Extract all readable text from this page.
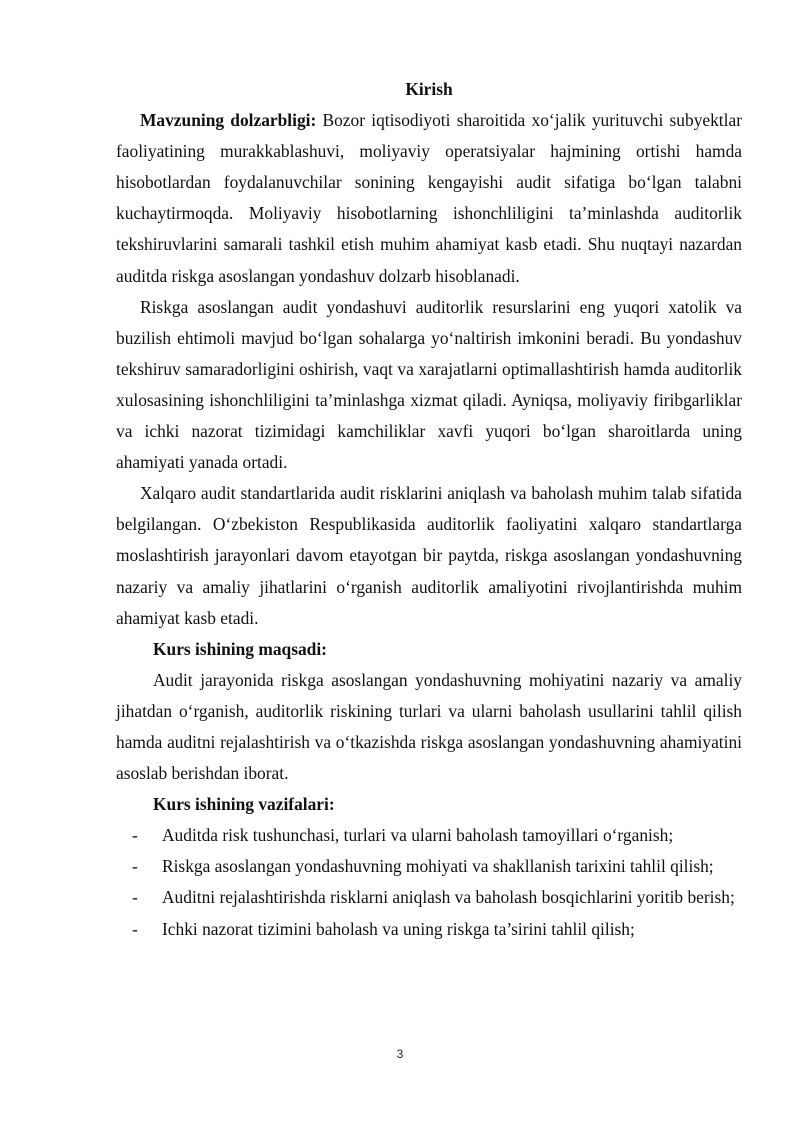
Kirish

Mavzuning dolzarbligi: Bozor iqtisodiyoti sharoitida xo‘jalik yurituvchi subyektlar faoliyatining murakkablashuvi, moliyaviy operatsiyalar hajmining ortishi hamda hisobotlardan foydalanuvchilar sonining kengayishi audit sifatiga bo‘lgan talabni kuchaytirmoqda. Moliyaviy hisobotlarning ishonchliligini ta’minlashda auditorlik tekshiruvlarini samarali tashkil etish muhim ahamiyat kasb etadi. Shu nuqtayi nazardan auditda riskga asoslangan yondashuv dolzarb hisoblanadi.

Riskga asoslangan audit yondashuvi auditorlik resurslarini eng yuqori xatolik va buzilish ehtimoli mavjud bo‘lgan sohalarga yo‘naltirish imkonini beradi. Bu yondashuv tekshiruv samaradorligini oshirish, vaqt va xarajatlarni optimallashtirish hamda auditorlik xulosasining ishonchliligini ta’minlashga xizmat qiladi. Ayniqsa, moliyaviy firibgarliklar va ichki nazorat tizimidagi kamchiliklar xavfi yuqori bo‘lgan sharoitlarda uning ahamiyati yanada ortadi.

Xalqaro audit standartlarida audit risklarini aniqlash va baholash muhim talab sifatida belgilangan. O‘zbekiston Respublikasida auditorlik faoliyatini xalqaro standartlarga moslashtirish jarayonlari davom etayotgan bir paytda, riskga asoslangan yondashuvning nazariy va amaliy jihatlarini o‘rganish auditorlik amaliyotini rivojlantirishda muhim ahamiyat kasb etadi.

Kurs ishining maqsadi:

Audit jarayonida riskga asoslangan yondashuvning mohiyatini nazariy va amaliy jihatdan o‘rganish, auditorlik riskining turlari va ularni baholash usullarini tahlil qilish hamda auditni rejalashtirish va o‘tkazishda riskga asoslangan yondashuvning ahamiyatini asoslab berishdan iborat.

Kurs ishining vazifalari:

- Auditda risk tushunchasi, turlari va ularni baholash tamoyillari o‘rganish;

- Riskga asoslangan yondashuvning mohiyati va shakllanish tarixini tahlil qilish;

- Auditni rejalashtirishda risklarni aniqlash va baholash bosqichlarini yoritib berish;

- Ichki nazorat tizimini baholash va uning riskga ta’sirini tahlil qilish;

3
